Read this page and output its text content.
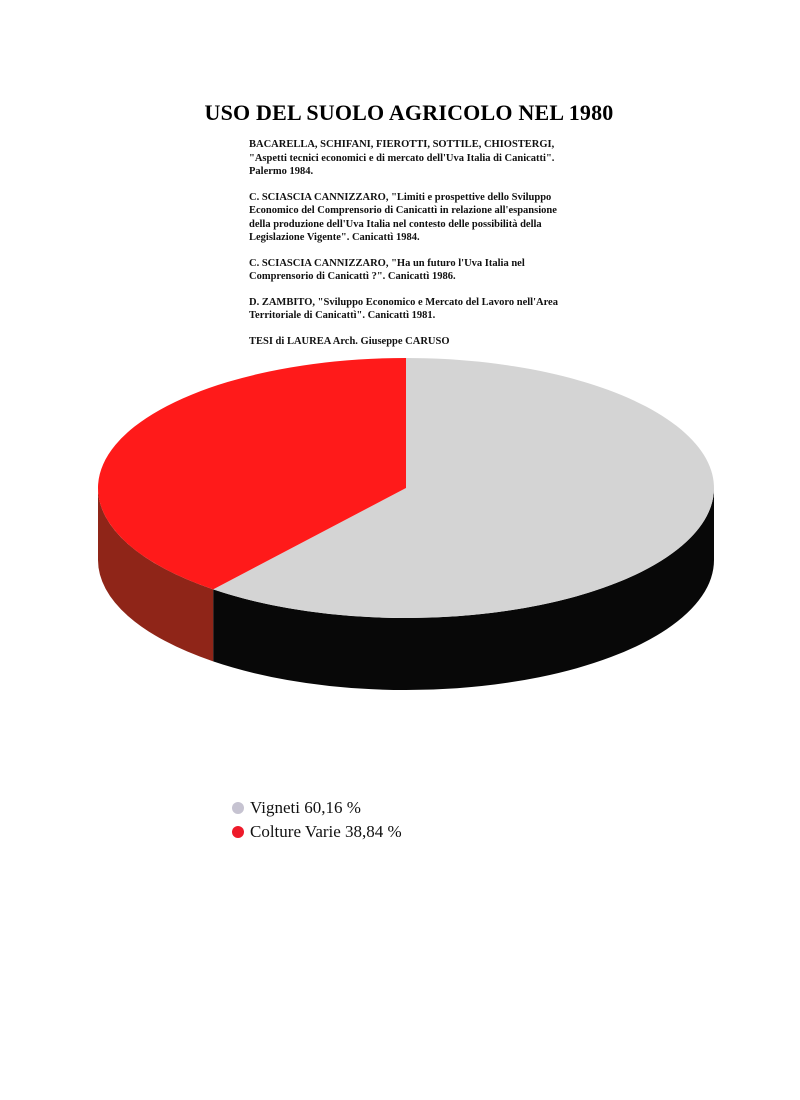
USO DEL SUOLO AGRICOLO NEL 1980
BACARELLA, SCHIFANI, FIEROTTI, SOTTILE, CHIOSTERGI,
"Aspetti tecnici economici e di mercato dell'Uva Italia di Canicatti".
Palermo 1984.
C. SCIASCIA CANNIZZARO, "Limiti e prospettive dello Sviluppo
Economico del Comprensorio di Canicattì in relazione all'espansione
della produzione dell'Uva Italia nel contesto delle possibilità della
Legislazione Vigente". Canicattì 1984.
C. SCIASCIA CANNIZZARO, "Ha un futuro l'Uva Italia nel
Comprensorio di Canicattì ?". Canicattì 1986.
D. ZAMBITO, "Sviluppo Economico e Mercato del Lavoro nell'Area
Territoriale di Canicattì". Canicattì 1981.
TESI di LAUREA Arch. Giuseppe CARUSO
Vigneti 60,16 %
Colture Varie 38,84 %
